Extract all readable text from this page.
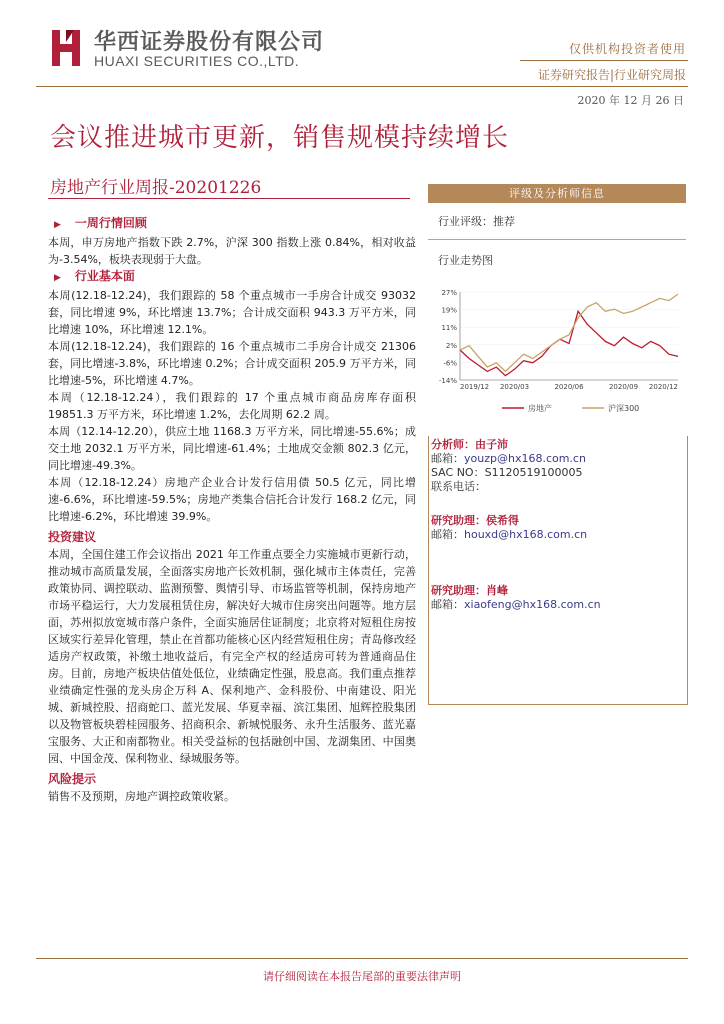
华西证券股份有限公司
HUAXI SECURITIES CO.,LTD.
仅供机构投资者使用
证券研究报告|行业研究周报
2020 年 12 月 26 日
会议推进城市更新，销售规模持续增长
房地产行业周报-20201226

▶ 一周行情回顾

本周，申万房地产指数下跌 2.7%，沪深 300 指数上涨 0.84%，相对收益为-3.54%，板块表现弱于大盘。

▶ 行业基本面

本周(12.18-12.24)，我们跟踪的 58 个重点城市一手房合计成交 93032 套，同比增速 9%，环比增速 13.7%；合计成交面积 943.3 万平方米，同比增速 10%，环比增速 12.1%。

本周(12.18-12.24)，我们跟踪的 16 个重点城市二手房合计成交 21306 套，同比增速-3.8%，环比增速 0.2%；合计成交面积 205.9 万平方米，同比增速-5%，环比增速 4.7%。

本周（12.18-12.24），我们跟踪的 17 个重点城市商品房库存面积 19851.3 万平方米，环比增速 1.2%，去化周期 62.2 周。

本周（12.14-12.20），供应土地 1168.3 万平方米，同比增速-55.6%；成交土地 2032.1 万平方米，同比增速-61.4%；土地成交金额 802.3 亿元，同比增速-49.3%。

本周（12.18-12.24）房地产企业合计发行信用债 50.5 亿元，同比增速-6.6%，环比增速-59.5%；房地产类集合信托合计发行 168.2 亿元，同比增速-6.2%，环比增速 39.9%。

投资建议

本周，全国住建工作会议指出 2021 年工作重点要全力实施城市更新行动，推动城市高质量发展，全面落实房地产长效机制，强化城市主体责任，完善政策协同、调控联动、监测预警、舆情引导、市场监管等机制，保持房地产市场平稳运行，大力发展租赁住房，解决好大城市住房突出问题等。地方层面，苏州拟放宽城市落户条件，全面实施居住证制度；北京将对短租住房按区域实行差异化管理，禁止在首都功能核心区内经营短租住房；青岛修改经适房产权政策，补缴土地收益后，有完全产权的经适房可转为普通商品住房。目前，房地产板块估值处低位，业绩确定性强，股息高。我们重点推荐业绩确定性强的龙头房企万科 A、保利地产、金科股份、中南建设、阳光城、新城控股、招商蛇口、蓝光发展、华夏幸福、滨江集团、旭辉控股集团以及物管板块碧桂园服务、招商积余、新城悦服务、永升生活服务、蓝光嘉宝服务、大正和南都物业。相关受益标的包括融创中国、龙湖集团、中国奥园、中国金茂、保利物业、绿城服务等。

风险提示

销售不及预期，房地产调控政策收紧。

评级及分析师信息
行业评级：推荐
行业走势图
27%
19%
11%
2%
-6%
-14%
2019/12 2020/03	2020/06	2020/09 2020/12
房地产	沪深300
分析师：由子沛
邮箱：youzp@hx168.com.cn
SAC NO：S1120519100005
联系电话：
研究助理：侯希得
邮箱：houxd@hx168.com.cn
研究助理：肖峰
邮箱：xiaofeng@hx168.com.cn
请仔细阅读在本报告尾部的重要法律声明
